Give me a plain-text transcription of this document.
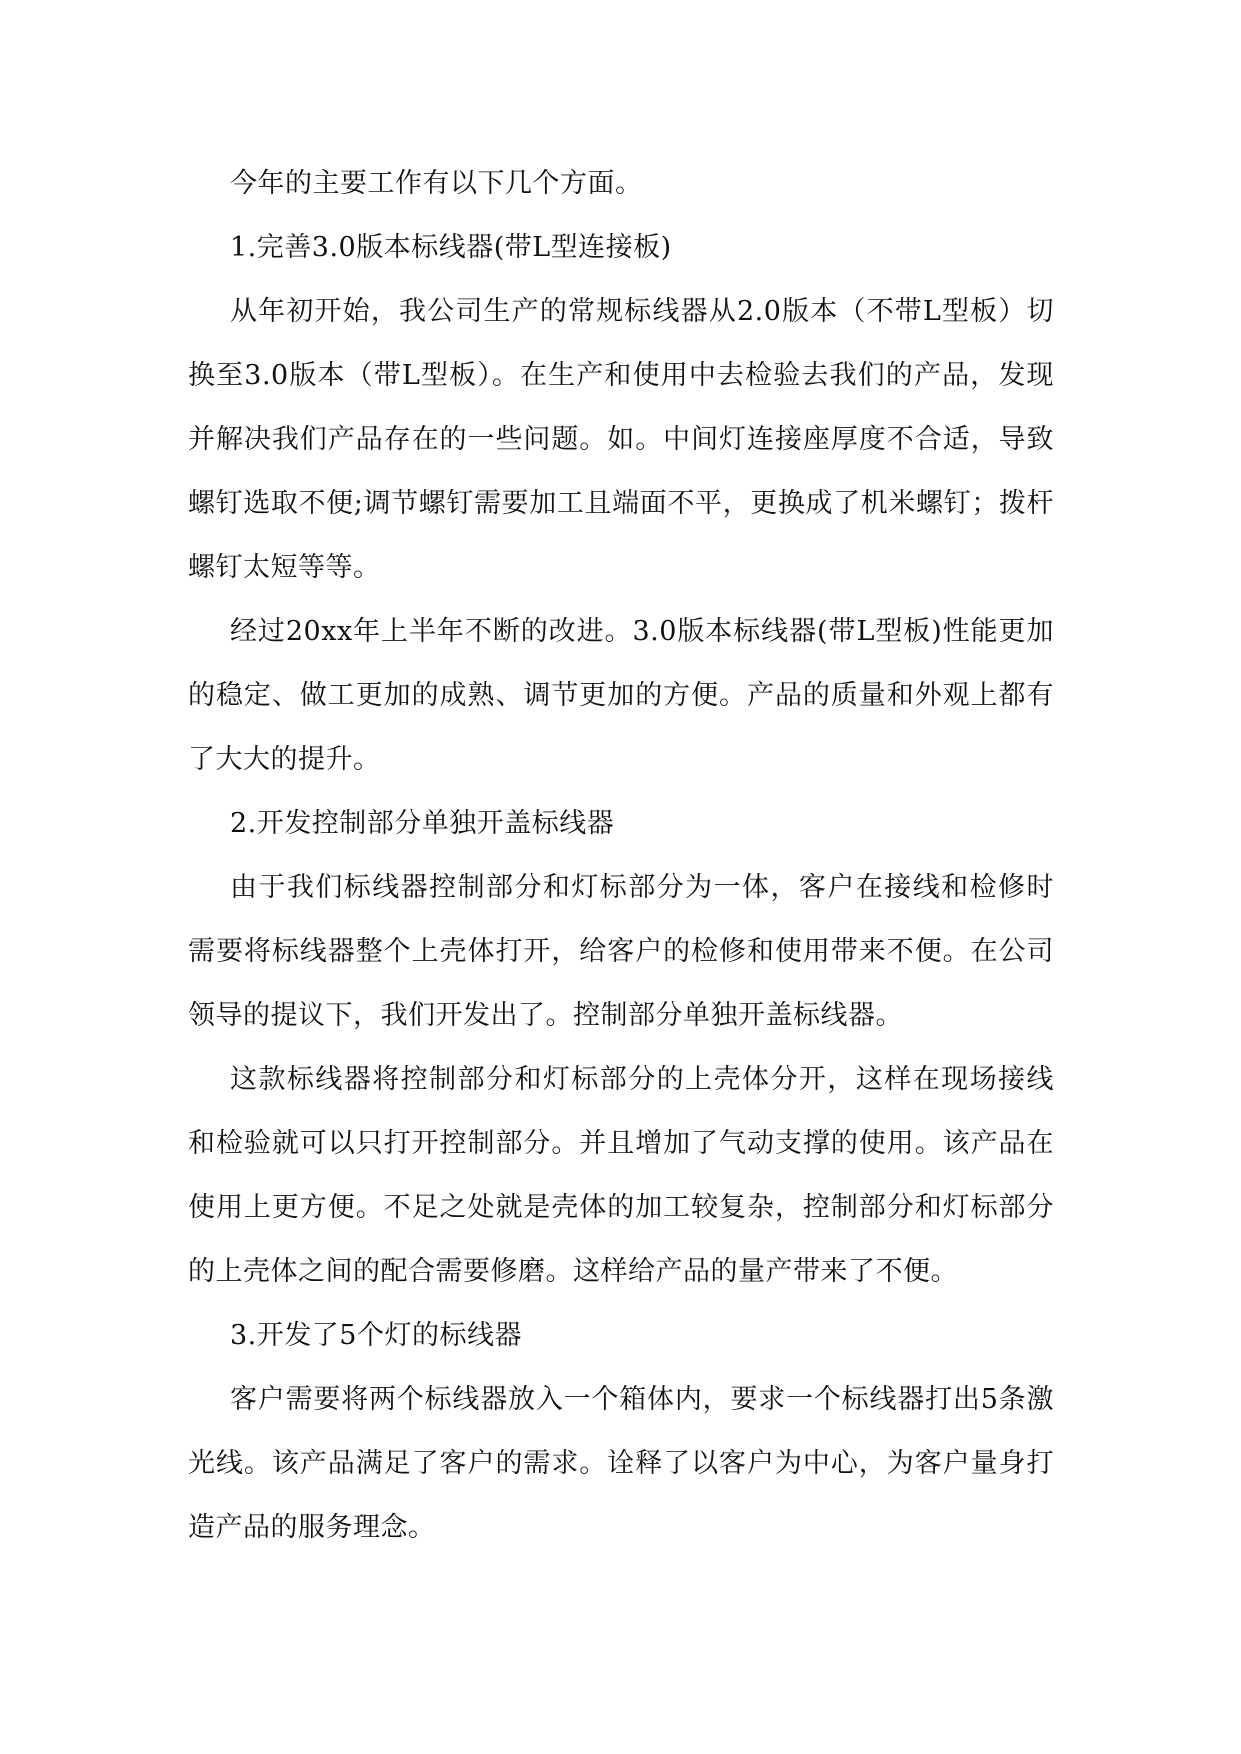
今年的主要工作有以下几个方面。

1.完善3.0版本标线器(带L型连接板)

从年初开始，我公司生产的常规标线器从2.0版本（不带L型板）切换至3.0版本（带L型板）。在生产和使用中去检验去我们的产品，发现并解决我们产品存在的一些问题。如。中间灯连接座厚度不合适，导致螺钉选取不便;调节螺钉需要加工且端面不平，更换成了机米螺钉；拨杆螺钉太短等等。

经过20xx年上半年不断的改进。3.0版本标线器(带L型板)性能更加的稳定、做工更加的成熟、调节更加的方便。产品的质量和外观上都有了大大的提升。

2.开发控制部分单独开盖标线器

由于我们标线器控制部分和灯标部分为一体，客户在接线和检修时需要将标线器整个上壳体打开，给客户的检修和使用带来不便。在公司领导的提议下，我们开发出了。控制部分单独开盖标线器。

这款标线器将控制部分和灯标部分的上壳体分开，这样在现场接线和检验就可以只打开控制部分。并且增加了气动支撑的使用。该产品在使用上更方便。不足之处就是壳体的加工较复杂，控制部分和灯标部分的上壳体之间的配合需要修磨。这样给产品的量产带来了不便。

3.开发了5个灯的标线器

客户需要将两个标线器放入一个箱体内，要求一个标线器打出5条激光线。该产品满足了客户的需求。诠释了以客户为中心，为客户量身打造产品的服务理念。
